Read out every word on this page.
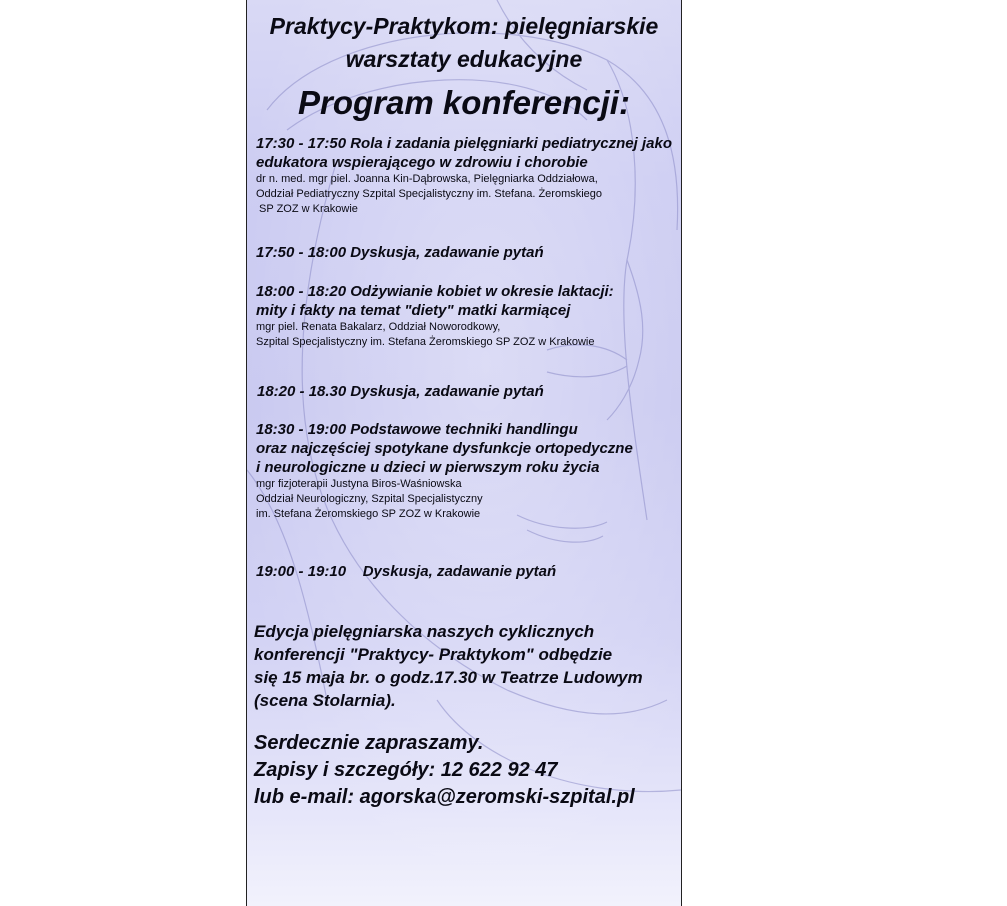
Praktycy-Praktykom: pielęgniarskie
warsztaty edukacyjne
Program konferencji:
17:30 - 17:50 Rola i zadania pielęgniarki pediatrycznej jako
edukatora wspierającego w zdrowiu i chorobie
dr n. med. mgr piel. Joanna Kin-Dąbrowska, Pielęgniarka Oddziałowa,
Oddział Pediatryczny Szpital Specjalistyczny im. Stefana. Żeromskiego
SP ZOZ w Krakowie
17:50 - 18:00 Dyskusja, zadawanie pytań
18:00 - 18:20 Odżywianie kobiet w okresie laktacji:
mity i fakty na temat "diety" matki karmiącej
mgr piel. Renata Bakalarz, Oddział Noworodkowy,
Szpital Specjalistyczny im. Stefana Żeromskiego SP ZOZ w Krakowie
18:20 - 18.30 Dyskusja, zadawanie pytań
18:30 - 19:00 Podstawowe techniki handlingu
oraz najczęściej spotykane dysfunkcje ortopedyczne
i neurologiczne u dzieci w pierwszym roku życia
mgr fizjoterapii Justyna Biros-Waśniowska
Oddział Neurologiczny, Szpital Specjalistyczny
im. Stefana Żeromskiego SP ZOZ w Krakowie
19:00 - 19:10    Dyskusja, zadawanie pytań
Edycja pielęgniarska naszych cyklicznych
konferencji "Praktycy- Praktykom" odbędzie
się 15 maja br. o godz.17.30 w Teatrze Ludowym
(scena Stolarnia).
Serdecznie zapraszamy.
Zapisy i szczegóły: 12 622 92 47
lub e-mail: agorska@zeromski-szpital.pl
